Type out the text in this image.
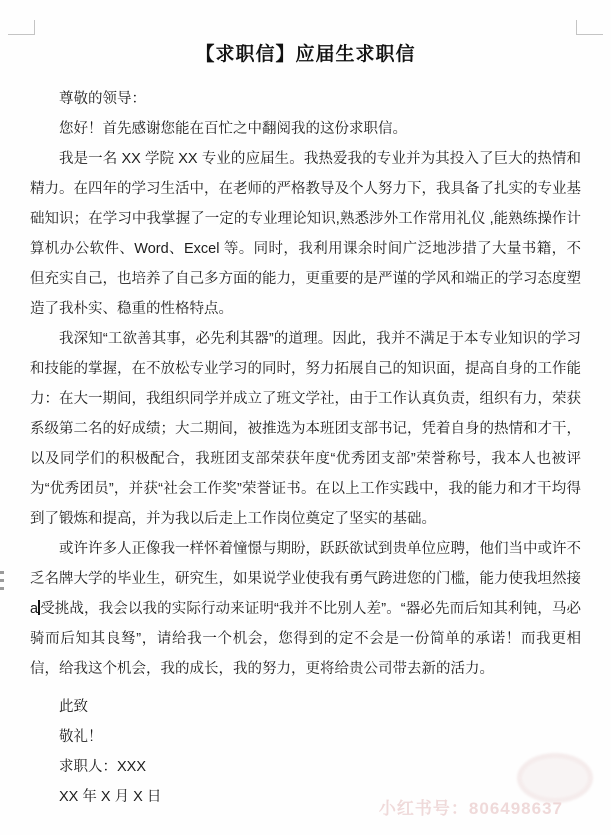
【求职信】应届生求职信

尊敬的领导：

您好！首先感谢您能在百忙之中翻阅我的这份求职信。

我是一名 XX 学院 XX 专业的应届生。我热爱我的专业并为其投入了巨大的热情和精力。在四年的学习生活中，在老师的严格教导及个人努力下，我具备了扎实的专业基础知识；在学习中我掌握了一定的专业理论知识,熟悉涉外工作常用礼仪 ,能熟练操作计算机办公软件、Word、Excel 等。同时，我利用课余时间广泛地涉措了大量书籍，不但充实自己，也培养了自己多方面的能力，更重要的是严谨的学风和端正的学习态度塑造了我朴实、稳重的性格特点。

我深知“工欲善其事，必先利其器”的道理。因此，我并不满足于本专业知识的学习和技能的掌握，在不放松专业学习的同时，努力拓展自己的知识面，提高自身的工作能力：在大一期间，我组织同学并成立了班文学社，由于工作认真负责，组织有力，荣获系级第二名的好成绩；大二期间，被推选为本班团支部书记，凭着自身的热情和才干，以及同学们的积极配合，我班团支部荣获年度“优秀团支部”荣誉称号，我本人也被评为“优秀团员”，并获“社会工作奖”荣誉证书。在以上工作实践中，我的能力和才干均得到了锻炼和提高，并为我以后走上工作岗位奠定了坚实的基础。

或许许多人正像我一样怀着憧憬与期盼，跃跃欲试到贵单位应聘，他们当中或许不乏名牌大学的毕业生，研究生，如果说学业使我有勇气跨进您的门槛，能力使我坦然接 a 受挑战，我会以我的实际行动来证明“我并不比别人差”。“器必先而后知其利钝，马必骑而后知其良驽”，请给我一个机会，您得到的定不会是一份简单的承诺！而我更相信，给我这个机会，我的成长，我的努力，更将给贵公司带去新的活力。

此致

敬礼！

求职人：XXX

XX 年 X 月 X 日

小红书号：806498637
